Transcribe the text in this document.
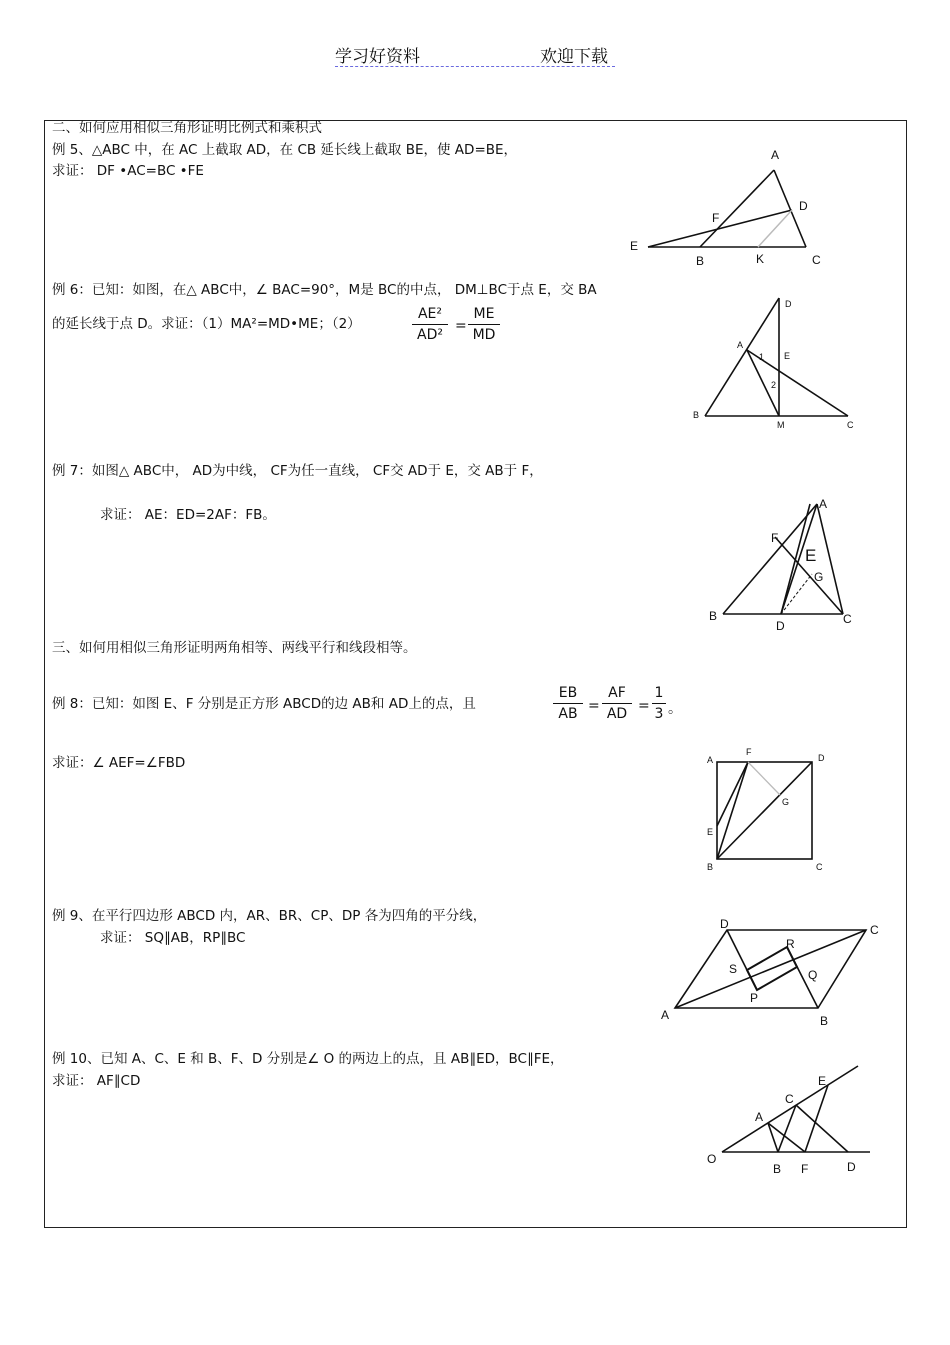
学习好资料	欢迎下载
二、如何应用相似三角形证明比例式和乘积式
例 5、△ABC 中，在 AC 上截取 AD，在 CB 延长线上截取 BE，使 AD=BE，
求证： DF •AC=BC •FE
A
D
F
E
B	K	C
例 6：已知：如图，在△ ABC中，∠ BAC=90°，M是 BC的中点， DM⊥BC于点 E，交 BA
的延长线于点 D。求证：（1）MA²=MD•ME；（2）
AE²
AD²
=
ME
MD
D
A
1 E
2
B
M	C
例 7：如图△ ABC中， AD为中线， CF为任一直线， CF交 AD于 E，交 AB于 F，
求证： AE：ED=2AF：FB。
A
F
E
G
B
D	C
三、如何用相似三角形证明两角相等、两线平行和线段相等。
例 8：已知：如图 E、F 分别是正方形 ABCD的边 AB和 AD上的点，且
EB
AB =
AF
AD =
1
3 。
求证：∠ AEF=∠FBD	A
F
D
G
E
B	C
例 9、在平行四边形 ABCD 内，AR、BR、CP、DP 各为四角的平分线，
求证： SQ∥AB，RP∥BC
D	C
R
S	Q
P
A	B
例 10、已知 A、C、E 和 B、F、D 分别是∠ O 的两边上的点，且 AB∥ED，BC∥FE，
求证： AF∥CD	E
C
A
O
B F	D
